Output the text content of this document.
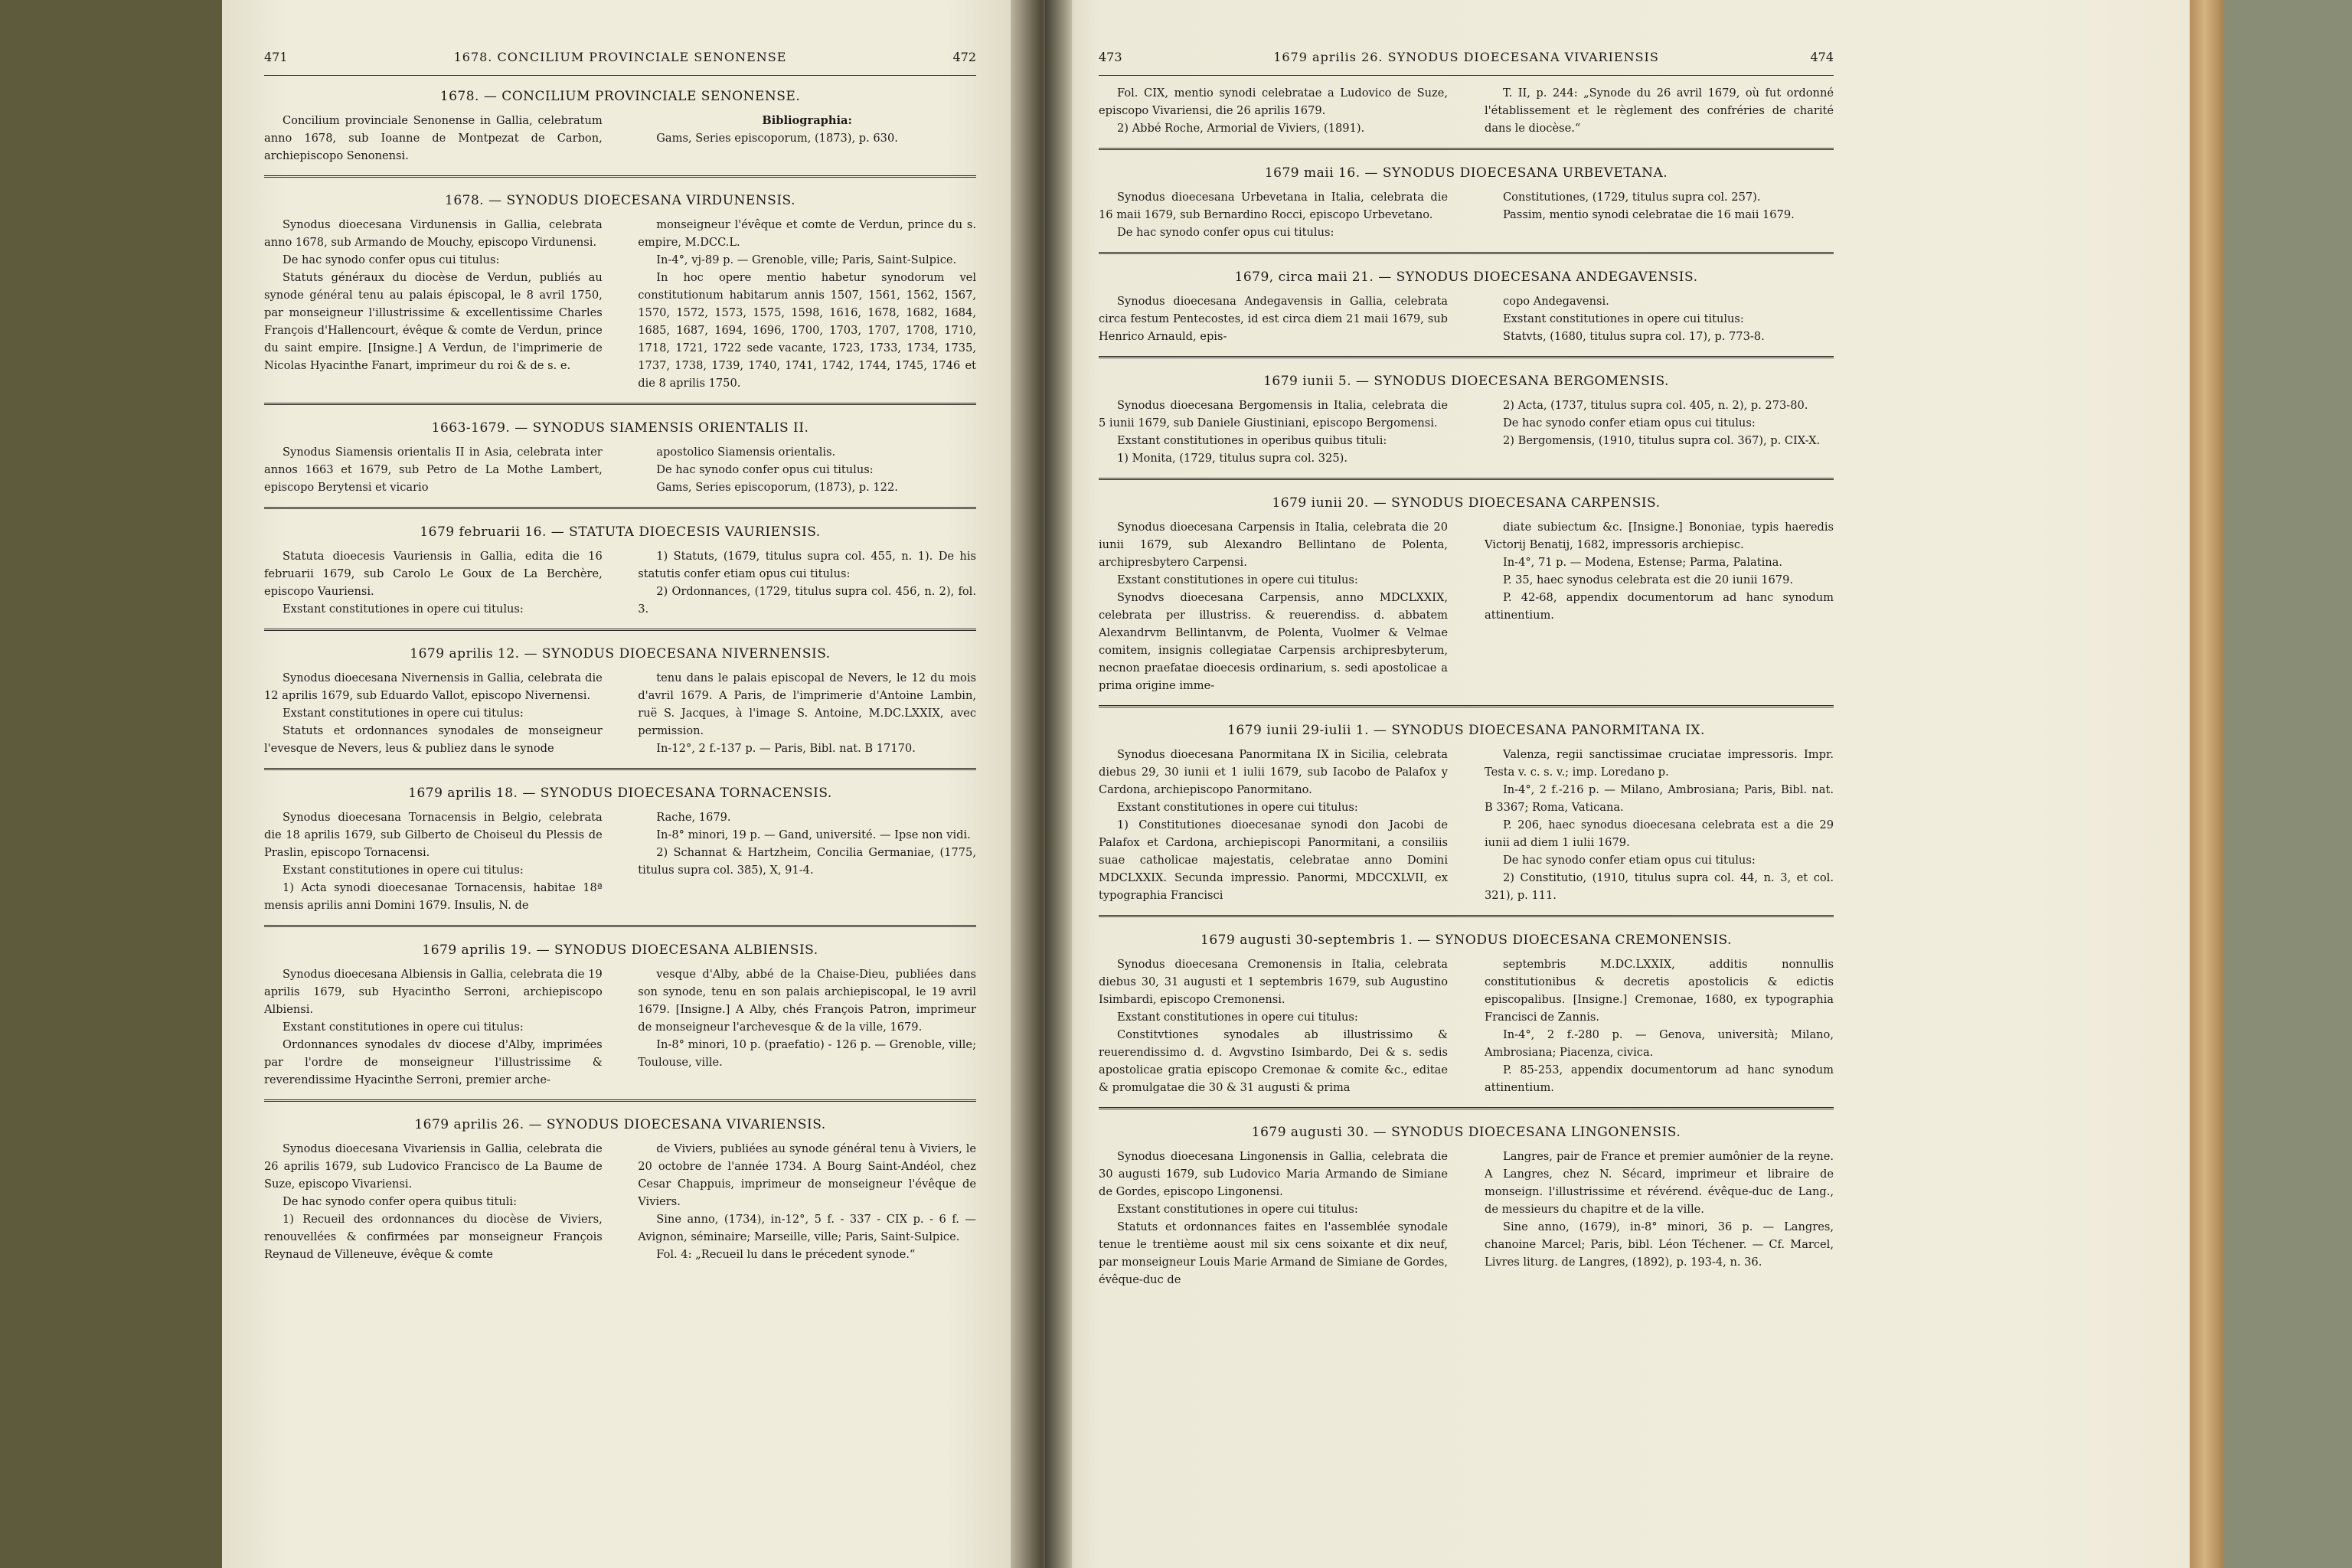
471	1678. CONCILIUM PROVINCIALE SENONENSE	472
1678. — CONCILIUM PROVINCIALE SENONENSE.

Concilium provinciale Senonense in Gallia, celebratum anno 1678, sub Ioanne de Montpezat de Carbon, archiepiscopo Senonensi.

Bibliographia:

Gams, Series episcoporum, (1873), p. 630.

1678. — SYNODUS DIOECESANA VIRDUNENSIS.

Synodus dioecesana Virdunensis in Gallia, celebrata anno 1678, sub Armando de Mouchy, episcopo Virdunensi.

De hac synodo confer opus cui titulus:

Statuts généraux du diocèse de Verdun, publiés au synode général tenu au palais épiscopal, le 8 avril 1750, par monseigneur l'illustrissime & excellentissime Charles François d'Hallencourt, évêque & comte de Verdun, prince du saint empire. [Insigne.] A Verdun, de l'imprimerie de Nicolas Hyacinthe Fanart, imprimeur du roi & de s. e.

monseigneur l'évêque et comte de Verdun, prince du s. empire, M.DCC.L.

In-4°, vj-89 p. — Grenoble, ville; Paris, Saint-Sulpice.

In hoc opere mentio habetur synodorum vel constitutionum habitarum annis 1507, 1561, 1562, 1567, 1570, 1572, 1573, 1575, 1598, 1616, 1678, 1682, 1684, 1685, 1687, 1694, 1696, 1700, 1703, 1707, 1708, 1710, 1718, 1721, 1722 sede vacante, 1723, 1733, 1734, 1735, 1737, 1738, 1739, 1740, 1741, 1742, 1744, 1745, 1746 et die 8 aprilis 1750.

1663-1679. — SYNODUS SIAMENSIS ORIENTALIS II.

Synodus Siamensis orientalis II in Asia, celebrata inter annos 1663 et 1679, sub Petro de La Mothe Lambert, episcopo Berytensi et vicario

apostolico Siamensis orientalis.

De hac synodo confer opus cui titulus:

Gams, Series episcoporum, (1873), p. 122.

1679 februarii 16. — STATUTA DIOECESIS VAURIENSIS.

Statuta dioecesis Vauriensis in Gallia, edita die 16 februarii 1679, sub Carolo Le Goux de La Berchère, episcopo Vauriensi.

Exstant constitutiones in opere cui titulus:

1) Statuts, (1679, titulus supra col. 455, n. 1). De his statutis confer etiam opus cui titulus:

2) Ordonnances, (1729, titulus supra col. 456, n. 2), fol. 3.

1679 aprilis 12. — SYNODUS DIOECESANA NIVERNENSIS.

Synodus dioecesana Nivernensis in Gallia, celebrata die 12 aprilis 1679, sub Eduardo Vallot, episcopo Nivernensi.

Exstant constitutiones in opere cui titulus:

Statuts et ordonnances synodales de monseigneur l'evesque de Nevers, leus & publiez dans le synode

tenu dans le palais episcopal de Nevers, le 12 du mois d'avril 1679. A Paris, de l'imprimerie d'Antoine Lambin, ruë S. Jacques, à l'image S. Antoine, M.DC.LXXIX, avec permission.

In-12°, 2 f.-137 p. — Paris, Bibl. nat. B 17170.

1679 aprilis 18. — SYNODUS DIOECESANA TORNACENSIS.

Synodus dioecesana Tornacensis in Belgio, celebrata die 18 aprilis 1679, sub Gilberto de Choiseul du Plessis de Praslin, episcopo Tornacensi.

Exstant constitutiones in opere cui titulus:

1) Acta synodi dioecesanae Tornacensis, habitae 18ª mensis aprilis anni Domini 1679. Insulis, N. de

Rache, 1679.

In-8° minori, 19 p. — Gand, université. — Ipse non vidi.

2) Schannat & Hartzheim, Concilia Germaniae, (1775, titulus supra col. 385), X, 91-4.

1679 aprilis 19. — SYNODUS DIOECESANA ALBIENSIS.

Synodus dioecesana Albiensis in Gallia, celebrata die 19 aprilis 1679, sub Hyacintho Serroni, archiepiscopo Albiensi.

Exstant constitutiones in opere cui titulus:

Ordonnances synodales dv diocese d'Alby, imprimées par l'ordre de monseigneur l'illustrissime & reverendissime Hyacinthe Serroni, premier arche-

vesque d'Alby, abbé de la Chaise-Dieu, publiées dans son synode, tenu en son palais archiepiscopal, le 19 avril 1679. [Insigne.] A Alby, chés François Patron, imprimeur de monseigneur l'archevesque & de la ville, 1679.

In-8° minori, 10 p. (praefatio) - 126 p. — Grenoble, ville; Toulouse, ville.

1679 aprilis 26. — SYNODUS DIOECESANA VIVARIENSIS.

Synodus dioecesana Vivariensis in Gallia, celebrata die 26 aprilis 1679, sub Ludovico Francisco de La Baume de Suze, episcopo Vivariensi.

De hac synodo confer opera quibus tituli:

1) Recueil des ordonnances du diocèse de Viviers, renouvellées & confirmées par monseigneur François Reynaud de Villeneuve, évêque & comte

de Viviers, publiées au synode général tenu à Viviers, le 20 octobre de l'année 1734. A Bourg Saint-Andéol, chez Cesar Chappuis, imprimeur de monseigneur l'évêque de Viviers.

Sine anno, (1734), in-12°, 5 f. - 337 - CIX p. - 6 f. — Avignon, séminaire; Marseille, ville; Paris, Saint-Sulpice.

Fol. 4: „Recueil lu dans le précedent synode.“

473	1679 aprilis 26. SYNODUS DIOECESANA VIVARIENSIS	474

Fol. CIX, mentio synodi celebratae a Ludovico de Suze, episcopo Vivariensi, die 26 aprilis 1679.

2) Abbé Roche, Armorial de Viviers, (1891).

T. II, p. 244: „Synode du 26 avril 1679, où fut ordonné l'établissement et le règlement des confréries de charité dans le diocèse.“

1679 maii 16. — SYNODUS DIOECESANA URBEVETANA.

Synodus dioecesana Urbevetana in Italia, celebrata die 16 maii 1679, sub Bernardino Rocci, episcopo Urbevetano.

De hac synodo confer opus cui titulus:

Constitutiones, (1729, titulus supra col. 257).

Passim, mentio synodi celebratae die 16 maii 1679.

1679, circa maii 21. — SYNODUS DIOECESANA ANDEGAVENSIS.

Synodus dioecesana Andegavensis in Gallia, celebrata circa festum Pentecostes, id est circa diem 21 maii 1679, sub Henrico Arnauld, epis-

copo Andegavensi.

Exstant constitutiones in opere cui titulus:

Statvts, (1680, titulus supra col. 17), p. 773-8.

1679 iunii 5. — SYNODUS DIOECESANA BERGOMENSIS.

Synodus dioecesana Bergomensis in Italia, celebrata die 5 iunii 1679, sub Daniele Giustiniani, episcopo Bergomensi.

Exstant constitutiones in operibus quibus tituli:

1) Monita, (1729, titulus supra col. 325).

2) Acta, (1737, titulus supra col. 405, n. 2), p. 273-80.

De hac synodo confer etiam opus cui titulus:

2) Bergomensis, (1910, titulus supra col. 367), p. CIX-X.

1679 iunii 20. — SYNODUS DIOECESANA CARPENSIS.

Synodus dioecesana Carpensis in Italia, celebrata die 20 iunii 1679, sub Alexandro Bellintano de Polenta, archipresbytero Carpensi.

Exstant constitutiones in opere cui titulus:

Synodvs dioecesana Carpensis, anno MDCLXXIX, celebrata per illustriss. & reuerendiss. d. abbatem Alexandrvm Bellintanvm, de Polenta, Vuolmer & Velmae comitem, insignis collegiatae Carpensis archipresbyterum, necnon praefatae dioecesis ordinarium, s. sedi apostolicae a prima origine imme-

diate subiectum &c. [Insigne.] Bononiae, typis haeredis Victorij Benatij, 1682, impressoris archiepisc.

In-4°, 71 p. — Modena, Estense; Parma, Palatina.

P. 35, haec synodus celebrata est die 20 iunii 1679.

P. 42-68, appendix documentorum ad hanc synodum attinentium.

1679 iunii 29-iulii 1. — SYNODUS DIOECESANA PANORMITANA IX.

Synodus dioecesana Panormitana IX in Sicilia, celebrata diebus 29, 30 iunii et 1 iulii 1679, sub Iacobo de Palafox y Cardona, archiepiscopo Panormitano.

Exstant constitutiones in opere cui titulus:

1) Constitutiones dioecesanae synodi don Jacobi de Palafox et Cardona, archiepiscopi Panormitani, a consiliis suae catholicae majestatis, celebratae anno Domini MDCLXXIX. Secunda impressio. Panormi, MDCCXLVII, ex typographia Francisci

Valenza, regii sanctissimae cruciatae impressoris. Impr. Testa v. c. s. v.; imp. Loredano p.

In-4°, 2 f.-216 p. — Milano, Ambrosiana; Paris, Bibl. nat. B 3367; Roma, Vaticana.

P. 206, haec synodus dioecesana celebrata est a die 29 iunii ad diem 1 iulii 1679.

De hac synodo confer etiam opus cui titulus:

2) Constitutio, (1910, titulus supra col. 44, n. 3, et col. 321), p. 111.

1679 augusti 30-septembris 1. — SYNODUS DIOECESANA CREMONENSIS.

Synodus dioecesana Cremonensis in Italia, celebrata diebus 30, 31 augusti et 1 septembris 1679, sub Augustino Isimbardi, episcopo Cremonensi.

Exstant constitutiones in opere cui titulus:

Constitvtiones synodales ab illustrissimo & reuerendissimo d. d. Avgvstino Isimbardo, Dei & s. sedis apostolicae gratia episcopo Cremonae & comite &c., editae & promulgatae die 30 & 31 augusti & prima

septembris M.DC.LXXIX, additis nonnullis constitutionibus & decretis apostolicis & edictis episcopalibus. [Insigne.] Cremonae, 1680, ex typographia Francisci de Zannis.

In-4°, 2 f.-280 p. — Genova, università; Milano, Ambrosiana; Piacenza, civica.

P. 85-253, appendix documentorum ad hanc synodum attinentium.

1679 augusti 30. — SYNODUS DIOECESANA LINGONENSIS.

Synodus dioecesana Lingonensis in Gallia, celebrata die 30 augusti 1679, sub Ludovico Maria Armando de Simiane de Gordes, episcopo Lingonensi.

Exstant constitutiones in opere cui titulus:

Statuts et ordonnances faites en l'assemblée synodale tenue le trentième aoust mil six cens soixante et dix neuf, par monseigneur Louis Marie Armand de Simiane de Gordes, évêque-duc de

Langres, pair de France et premier aumônier de la reyne. A Langres, chez N. Sécard, imprimeur et libraire de monseign. l'illustrissime et révérend. évêque-duc de Lang., de messieurs du chapitre et de la ville.

Sine anno, (1679), in-8° minori, 36 p. — Langres, chanoine Marcel; Paris, bibl. Léon Téchener. — Cf. Marcel, Livres liturg. de Langres, (1892), p. 193-4, n. 36.
